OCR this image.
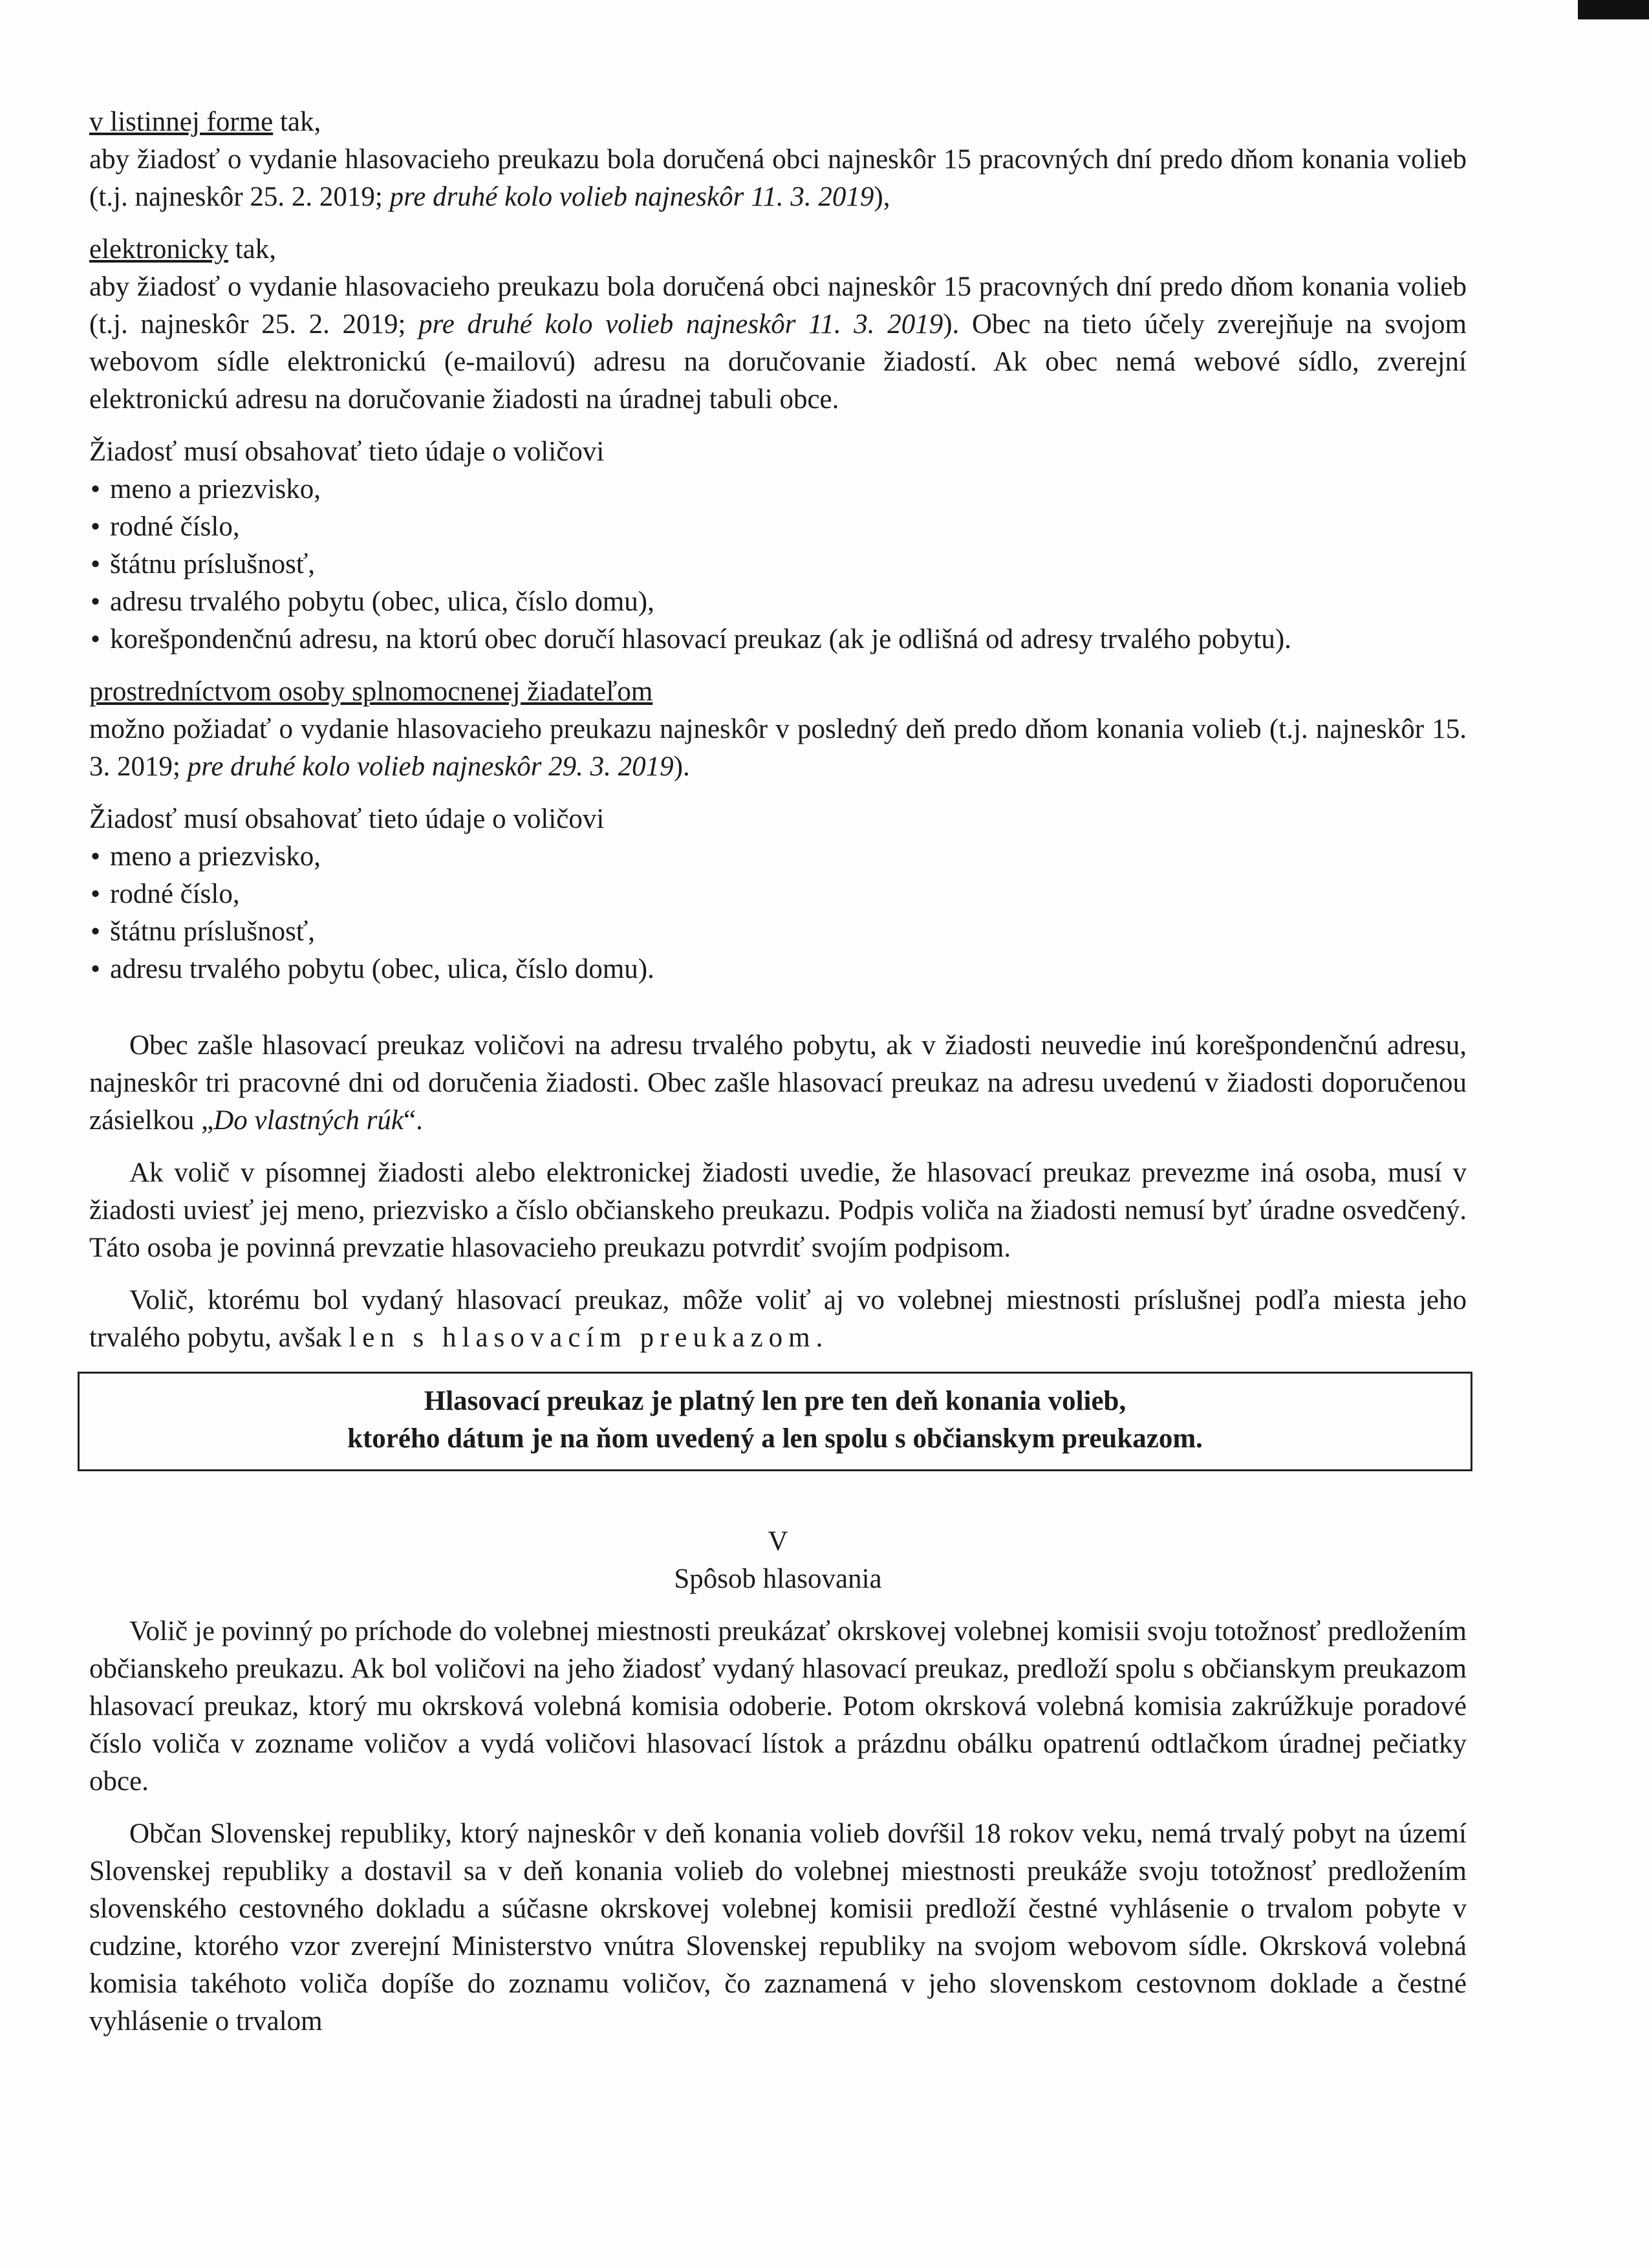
v listinnej forme tak,

aby žiadosť o vydanie hlasovacieho preukazu bola doručená obci najneskôr 15 pracovných dní predo dňom konania volieb (t.j. najneskôr 25. 2. 2019; pre druhé kolo volieb najneskôr 11. 3. 2019),

elektronicky tak,

aby žiadosť o vydanie hlasovacieho preukazu bola doručená obci najneskôr 15 pracovných dní predo dňom konania volieb (t.j. najneskôr 25. 2. 2019; pre druhé kolo volieb najneskôr 11. 3. 2019). Obec na tieto účely zverejňuje na svojom webovom sídle elektronickú (e-mailovú) adresu na doručovanie žiadostí. Ak obec nemá webové sídlo, zverejní elektronickú adresu na doručovanie žiadosti na úradnej tabuli obce.

Žiadosť musí obsahovať tieto údaje o voličovi

• meno a priezvisko,
• rodné číslo,
• štátnu príslušnosť,
• adresu trvalého pobytu (obec, ulica, číslo domu),
• korešpondenčnú adresu, na ktorú obec doručí hlasovací preukaz (ak je odlišná od adresy trvalého pobytu).

prostredníctvom osoby splnomocnenej žiadateľom

možno požiadať o vydanie hlasovacieho preukazu najneskôr v posledný deň predo dňom konania volieb (t.j. najneskôr 15. 3. 2019; pre druhé kolo volieb najneskôr 29. 3. 2019).

Žiadosť musí obsahovať tieto údaje o voličovi

• meno a priezvisko,
• rodné číslo,
• štátnu príslušnosť,
• adresu trvalého pobytu (obec, ulica, číslo domu).

Obec zašle hlasovací preukaz voličovi na adresu trvalého pobytu, ak v žiadosti neuvedie inú korešpondenčnú adresu, najneskôr tri pracovné dni od doručenia žiadosti. Obec zašle hlasovací preukaz na adresu uvedenú v žiadosti doporučenou zásielkou „Do vlastných rúk“.

Ak volič v písomnej žiadosti alebo elektronickej žiadosti uvedie, že hlasovací preukaz prevezme iná osoba, musí v žiadosti uviesť jej meno, priezvisko a číslo občianskeho preukazu. Podpis voliča na žiadosti nemusí byť úradne osvedčený. Táto osoba je povinná prevzatie hlasovacieho preukazu potvrdiť svojím podpisom.

Volič, ktorému bol vydaný hlasovací preukaz, môže voliť aj vo volebnej miestnosti príslušnej podľa miesta jeho trvalého pobytu, avšak len s hlasovacím preukazom.

Hlasovací preukaz je platný len pre ten deň konania volieb,
ktorého dátum je na ňom uvedený a len spolu s občianskym preukazom.

V

Spôsob hlasovania

Volič je povinný po príchode do volebnej miestnosti preukázať okrskovej volebnej komisii svoju totožnosť predložením občianskeho preukazu. Ak bol voličovi na jeho žiadosť vydaný hlasovací preukaz, predloží spolu s občianskym preukazom hlasovací preukaz, ktorý mu okrsková volebná komisia odoberie. Potom okrsková volebná komisia zakrúžkuje poradové číslo voliča v zozname voličov a vydá voličovi hlasovací lístok a prázdnu obálku opatrenú odtlačkom úradnej pečiatky obce.

Občan Slovenskej republiky, ktorý najneskôr v deň konania volieb dovŕšil 18 rokov veku, nemá trvalý pobyt na území Slovenskej republiky a dostavil sa v deň konania volieb do volebnej miestnosti preukáže svoju totožnosť predložením slovenského cestovného dokladu a súčasne okrskovej volebnej komisii predloží čestné vyhlásenie o trvalom pobyte v cudzine, ktorého vzor zverejní Ministerstvo vnútra Slovenskej republiky na svojom webovom sídle. Okrsková volebná komisia takéhoto voliča dopíše do zoznamu voličov, čo zaznamená v jeho slovenskom cestovnom doklade a čestné vyhlásenie o trvalom
